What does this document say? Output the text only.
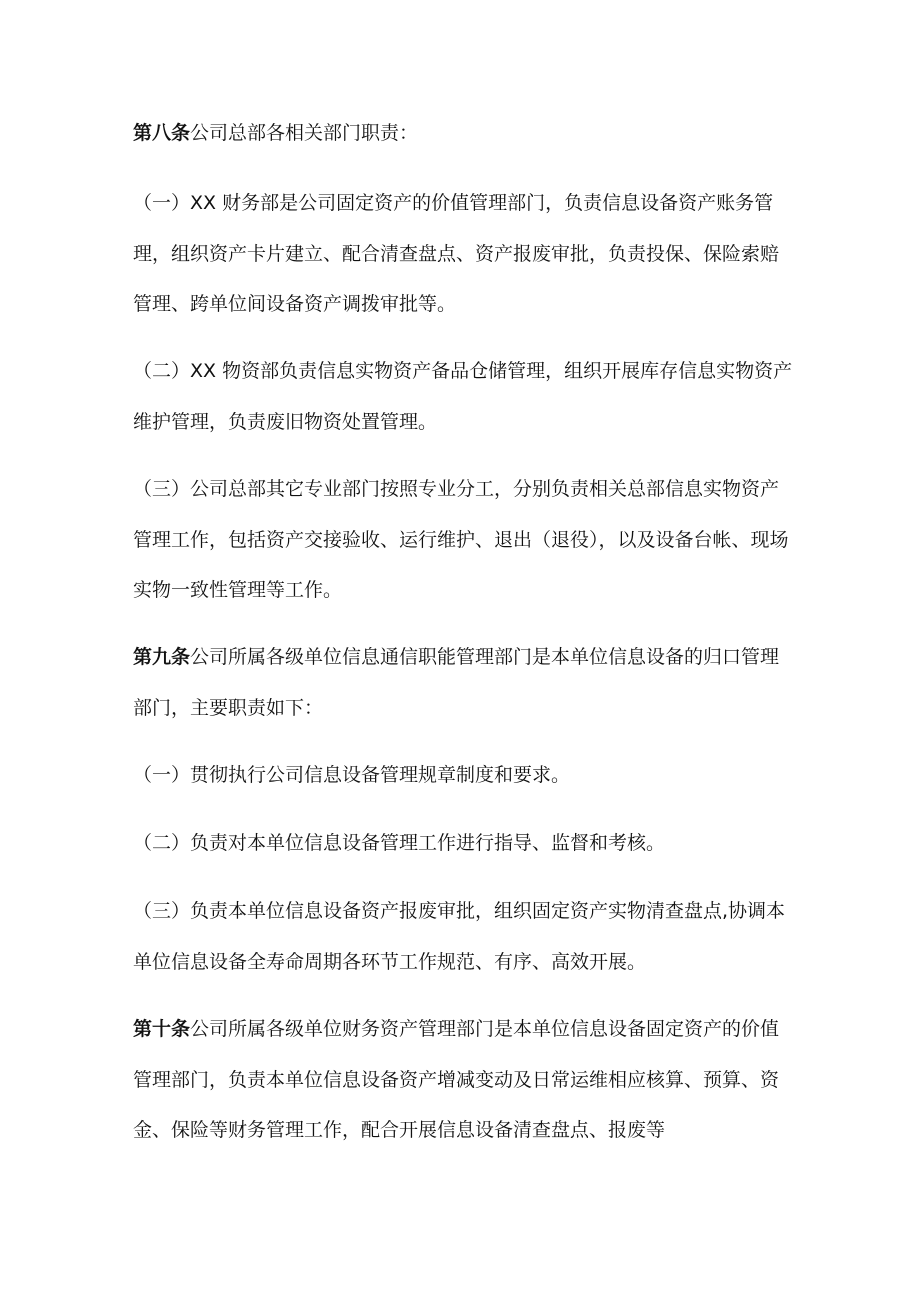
第八条公司总部各相关部门职责：

（一）XX 财务部是公司固定资产的价值管理部门，负责信息设备资产账务管理，组织资产卡片建立、配合清查盘点、资产报废审批，负责投保、保险索赔管理、跨单位间设备资产调拨审批等。

（二）XX 物资部负责信息实物资产备品仓储管理，组织开展库存信息实物资产维护管理，负责废旧物资处置管理。

（三）公司总部其它专业部门按照专业分工，分别负责相关总部信息实物资产管理工作，包括资产交接验收、运行维护、退出（退役），以及设备台帐、现场实物一致性管理等工作。

第九条公司所属各级单位信息通信职能管理部门是本单位信息设备的归口管理部门，主要职责如下：

（一）贯彻执行公司信息设备管理规章制度和要求。

（二）负责对本单位信息设备管理工作进行指导、监督和考核。

（三）负责本单位信息设备资产报废审批，组织固定资产实物清查盘点,协调本单位信息设备全寿命周期各环节工作规范、有序、高效开展。

第十条公司所属各级单位财务资产管理部门是本单位信息设备固定资产的价值管理部门，负责本单位信息设备资产增减变动及日常运维相应核算、预算、资金、保险等财务管理工作，配合开展信息设备清查盘点、报废等
